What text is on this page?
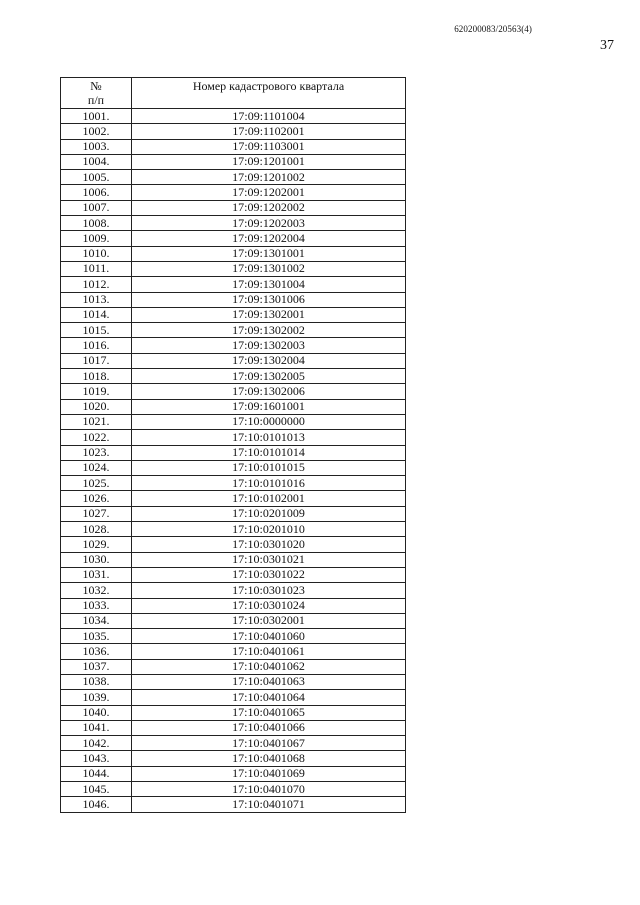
620200083/20563(4)
37
№
п/п	Номер кадастрового квартала
1001.	17:09:1101004
1002.	17:09:1102001
1003.	17:09:1103001
1004.	17:09:1201001
1005.	17:09:1201002
1006.	17:09:1202001
1007.	17:09:1202002
1008.	17:09:1202003
1009.	17:09:1202004
1010.	17:09:1301001
1011.	17:09:1301002
1012.	17:09:1301004
1013.	17:09:1301006
1014.	17:09:1302001
1015.	17:09:1302002
1016.	17:09:1302003
1017.	17:09:1302004
1018.	17:09:1302005
1019.	17:09:1302006
1020.	17:09:1601001
1021.	17:10:0000000
1022.	17:10:0101013
1023.	17:10:0101014
1024.	17:10:0101015
1025.	17:10:0101016
1026.	17:10:0102001
1027.	17:10:0201009
1028.	17:10:0201010
1029.	17:10:0301020
1030.	17:10:0301021
1031.	17:10:0301022
1032.	17:10:0301023
1033.	17:10:0301024
1034.	17:10:0302001
1035.	17:10:0401060
1036.	17:10:0401061
1037.	17:10:0401062
1038.	17:10:0401063
1039.	17:10:0401064
1040.	17:10:0401065
1041.	17:10:0401066
1042.	17:10:0401067
1043.	17:10:0401068
1044.	17:10:0401069
1045.	17:10:0401070
1046.	17:10:0401071
